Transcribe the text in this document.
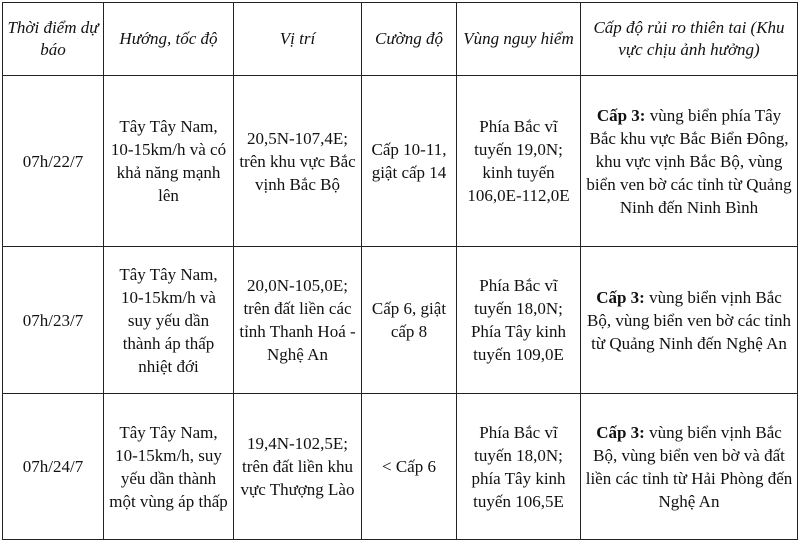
Thời điểm dự báo	Hướng, tốc độ	Vị trí	Cường độ	Vùng nguy hiểm	Cấp độ rủi ro thiên tai (Khu vực chịu ảnh hưởng)
07h/22/7	Tây Tây Nam, 10-15km/h và có khả năng mạnh lên	20,5N-107,4E; trên khu vực Bắc vịnh Bắc Bộ	Cấp 10-11, giật cấp 14	Phía Bắc vĩ tuyến 19,0N; kinh tuyến 106,0E-112,0E	Cấp 3: vùng biển phía Tây Bắc khu vực Bắc Biển Đông, khu vực vịnh Bắc Bộ, vùng biển ven bờ các tỉnh từ Quảng Ninh đến Ninh Bình
07h/23/7	Tây Tây Nam, 10-15km/h và suy yếu dần thành áp thấp nhiệt đới	20,0N-105,0E; trên đất liền các tỉnh Thanh Hoá - Nghệ An	Cấp 6, giật cấp 8	Phía Bắc vĩ tuyến 18,0N; Phía Tây kinh tuyến 109,0E	Cấp 3: vùng biển vịnh Bắc Bộ, vùng biển ven bờ các tỉnh từ Quảng Ninh đến Nghệ An
07h/24/7	Tây Tây Nam, 10-15km/h, suy yếu dần thành một vùng áp thấp	19,4N-102,5E; trên đất liền khu vực Thượng Lào	< Cấp 6	Phía Bắc vĩ tuyến 18,0N; phía Tây kinh tuyến 106,5E	Cấp 3: vùng biển vịnh Bắc Bộ, vùng biển ven bờ và đất liền các tỉnh từ Hải Phòng đến Nghệ An
